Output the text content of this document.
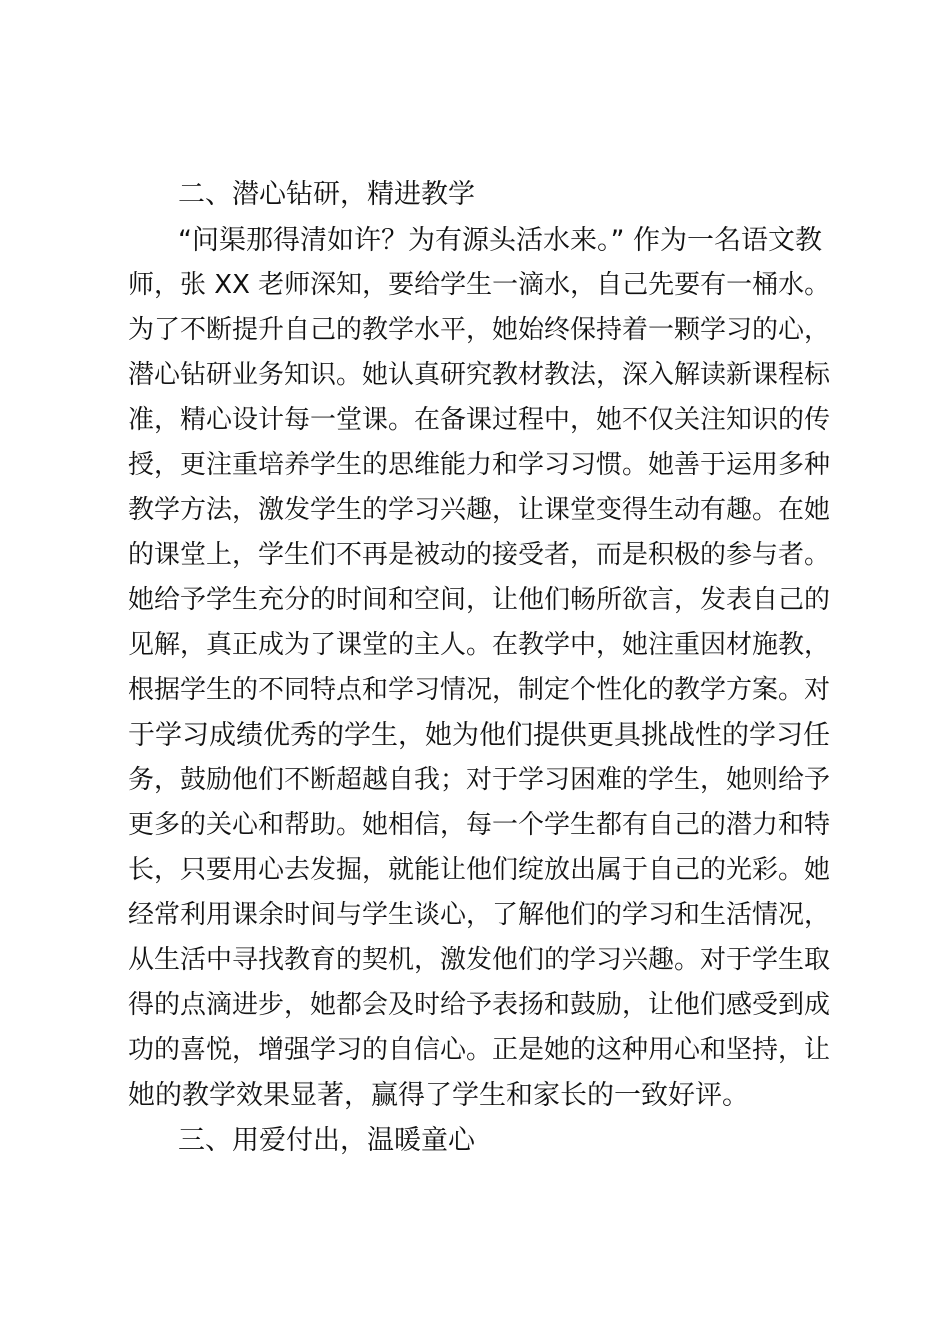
二、潜心钻研，精进教学
“问渠那得清如许？为有源头活水来。” 作为一名语文教
师，张 XX 老师深知，要给学生一滴水，自己先要有一桶水。
为了不断提升自己的教学水平，她始终保持着一颗学习的心，
潜心钻研业务知识。她认真研究教材教法，深入解读新课程标
准，精心设计每一堂课。在备课过程中，她不仅关注知识的传
授，更注重培养学生的思维能力和学习习惯。她善于运用多种
教学方法，激发学生的学习兴趣，让课堂变得生动有趣。在她
的课堂上，学生们不再是被动的接受者，而是积极的参与者。
她给予学生充分的时间和空间，让他们畅所欲言，发表自己的
见解，真正成为了课堂的主人。在教学中，她注重因材施教，
根据学生的不同特点和学习情况，制定个性化的教学方案。对
于学习成绩优秀的学生，她为他们提供更具挑战性的学习任
务，鼓励他们不断超越自我；对于学习困难的学生，她则给予
更多的关心和帮助。她相信，每一个学生都有自己的潜力和特
长，只要用心去发掘，就能让他们绽放出属于自己的光彩。她
经常利用课余时间与学生谈心，了解他们的学习和生活情况，
从生活中寻找教育的契机，激发他们的学习兴趣。对于学生取
得的点滴进步，她都会及时给予表扬和鼓励，让他们感受到成
功的喜悦，增强学习的自信心。正是她的这种用心和坚持，让
她的教学效果显著，赢得了学生和家长的一致好评。
三、用爱付出，温暖童心
